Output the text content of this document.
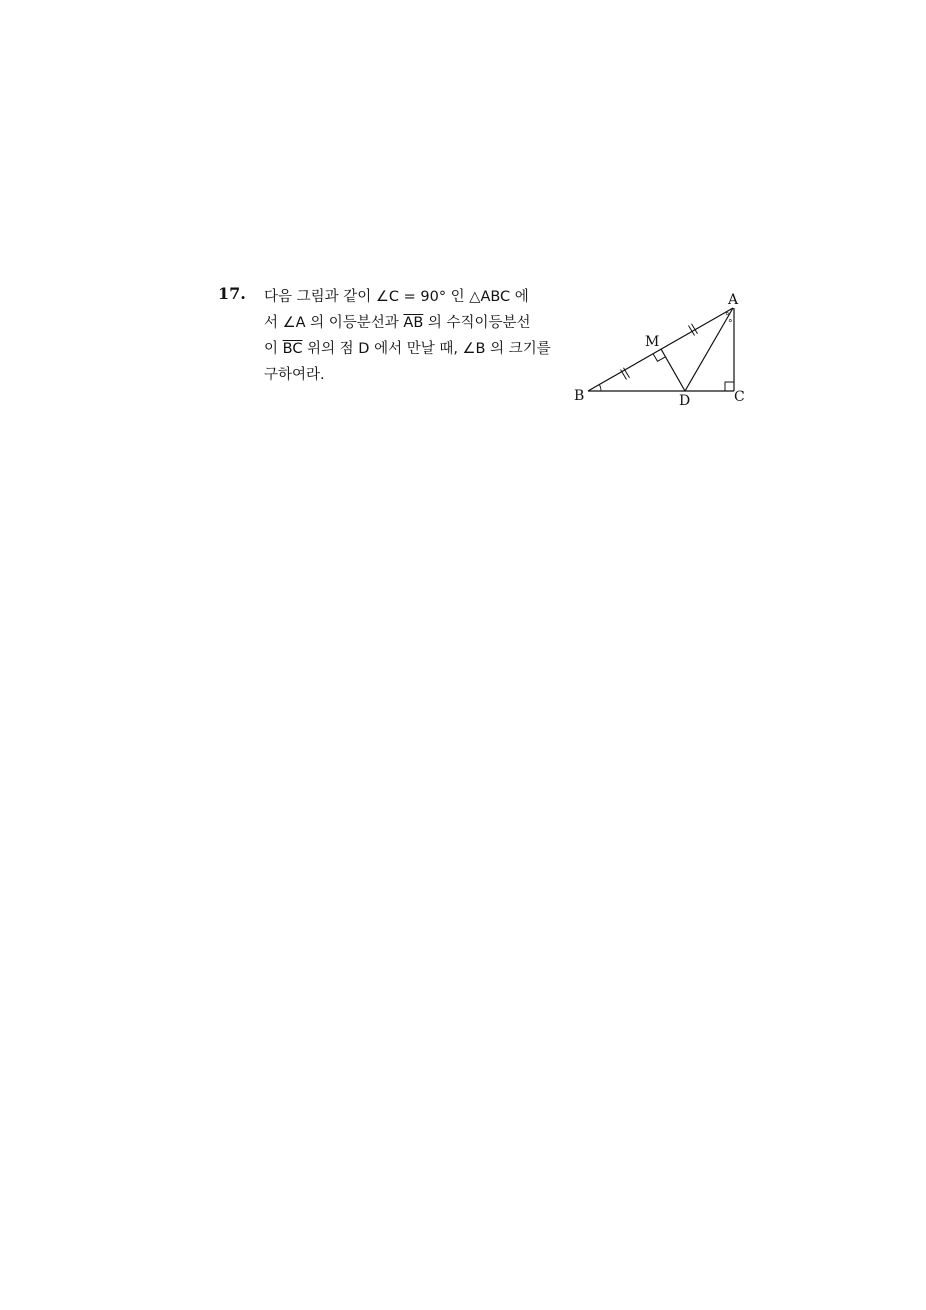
17. 다음 그림과 같이 ∠C = 90° 인 △ABC 에
서 ∠A 의 이등분선과 $\overline{AB}$ 의 수직이등분선
이 $\overline{BC}$ 위의 점 D 에서 만날 때, ∠B 의 크기를
구하여라.
°
°
A
B	C
D
M
